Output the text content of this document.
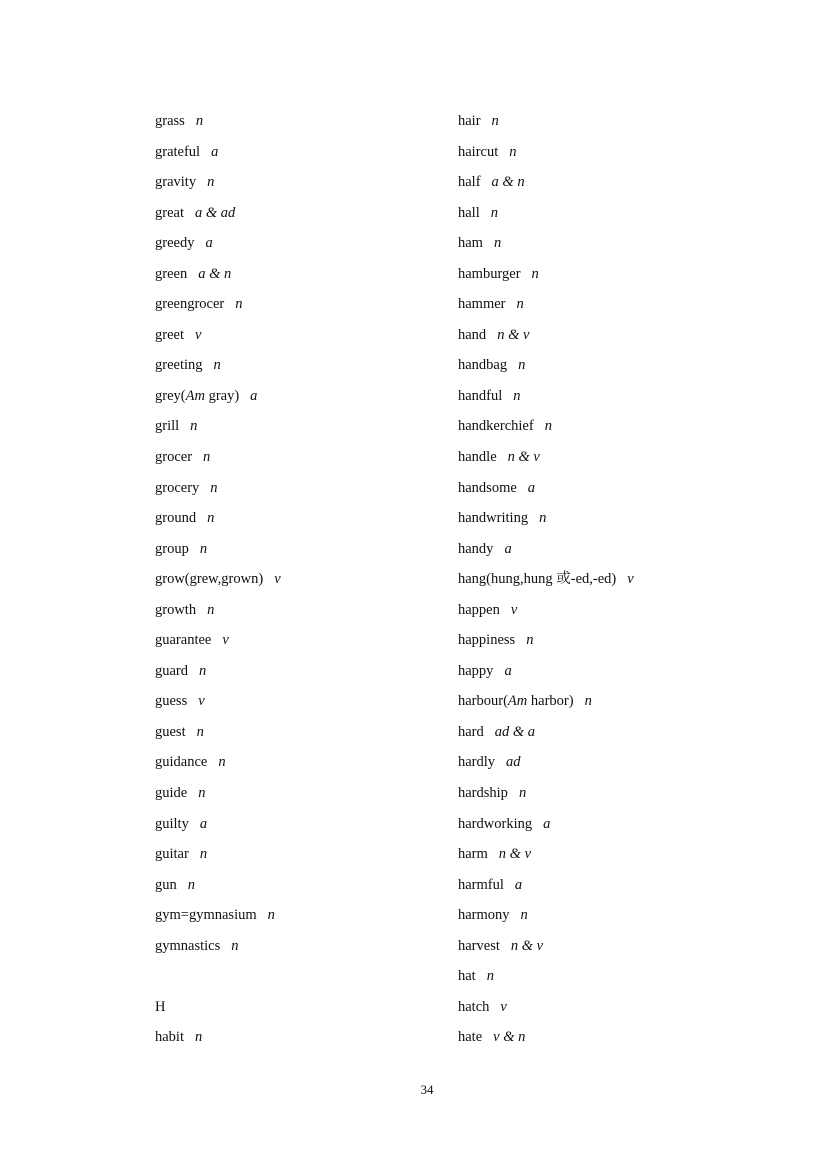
grass n
grateful a
gravity n
great a & ad
greedy a
green a & n
greengrocer n
greet v
greeting n
grey(Am gray) a
grill n
grocer n
grocery n
ground n
group n
grow(grew,grown) v
growth n
guarantee v
guard n
guess v
guest n
guidance n
guide n
guilty a
guitar n
gun n
gym=gymnasium n
gymnastics n
H
habit n
hair n
haircut n
half a & n
hall n
ham n
hamburger n
hammer n
hand n & v
handbag n
handful n
handkerchief n
handle n & v
handsome a
handwriting n
handy a
hang(hung,hung 或-ed,-ed) v
happen v
happiness n
happy a
harbour(Am harbor) n
hard ad & a
hardly ad
hardship n
hardworking a
harm n & v
harmful a
harmony n
harvest n & v
hat n
hatch v
hate v & n
34
